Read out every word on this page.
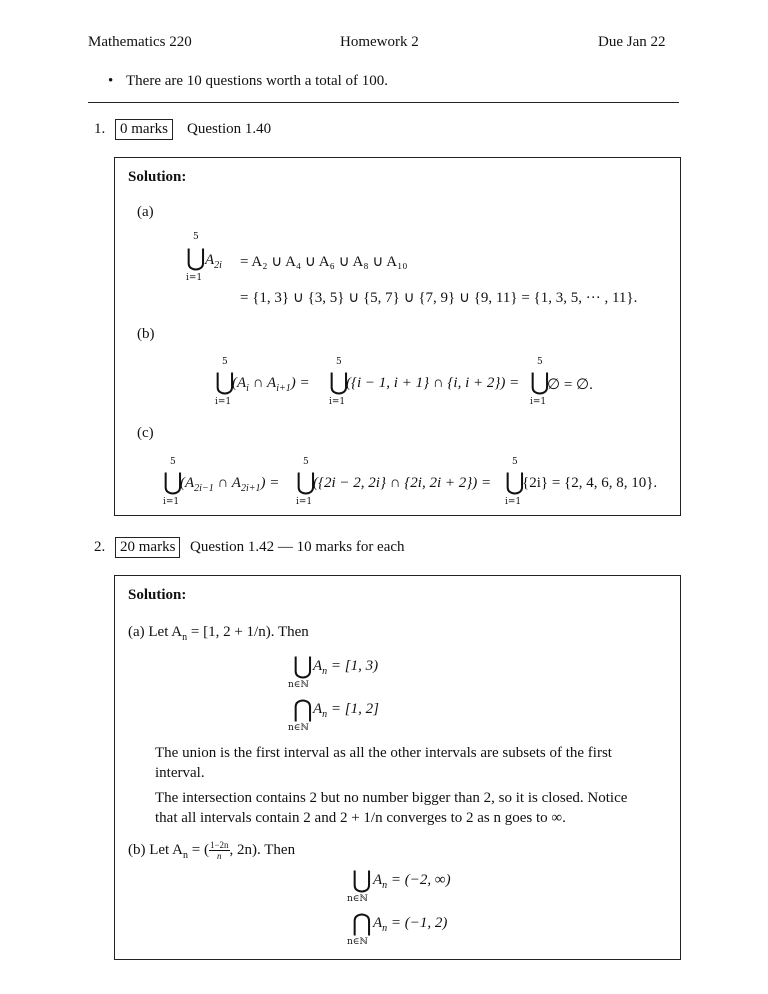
Mathematics 220	Homework 2	Due Jan 22
• There are 10 questions worth a total of 100.
1. 0 marks	Question 1.40
Solution:
(a)
5
⋃
i=1
$A_{2i} = A_2$ ∪ A₄ ∪ A₆ ∪ A₈ ∪ A₁₀
= {1, 3} ∪ {3, 5} ∪ {5, 7} ∪ {7, 9} ∪ {9, 11} = {1, 3, 5, ··· , 11}.
(b)
5
⋃
i=1
($A_i$ ∩ $A_{i+1}$) =
5
⋃
i=1
({i − 1, i + 1} ∩ {i, i + 2}) =
5
⋃
i=1
∅ = ∅.
(c)
5
⋃
i=1
($A_{2i-1}$ ∩ $A_{2i+1}$) =
5
⋃
i=1
({2i − 2, 2i} ∩ {2i, 2i + 2}) =
5
⋃
i=1
{2i} = {2, 4, 6, 8, 10}.
2. 20 marks Question 1.42 — 10 marks for each
Solution:
(a) Let $A_n = [1$, 2 + 1/n). Then
⋃
n∈ℕ
$A_n = [1$, 3)
⋂
n∈ℕ
$A_n = [1$, 2]
The union is the first interval as all the other intervals are subsets of the first
interval.
The intersection contains 2 but no number bigger than 2, so it is closed. Notice
that all intervals contain 2 and 2 + 1/n converges to 2 as n goes to ∞.
(b) Let $A_n$ = ( $\frac{1-2n}{n}$ , 2n). Then
⋃
n∈ℕ
$A_n = (-2$, ∞)
⋂
n∈ℕ
$A_n = (-1$, 2)
